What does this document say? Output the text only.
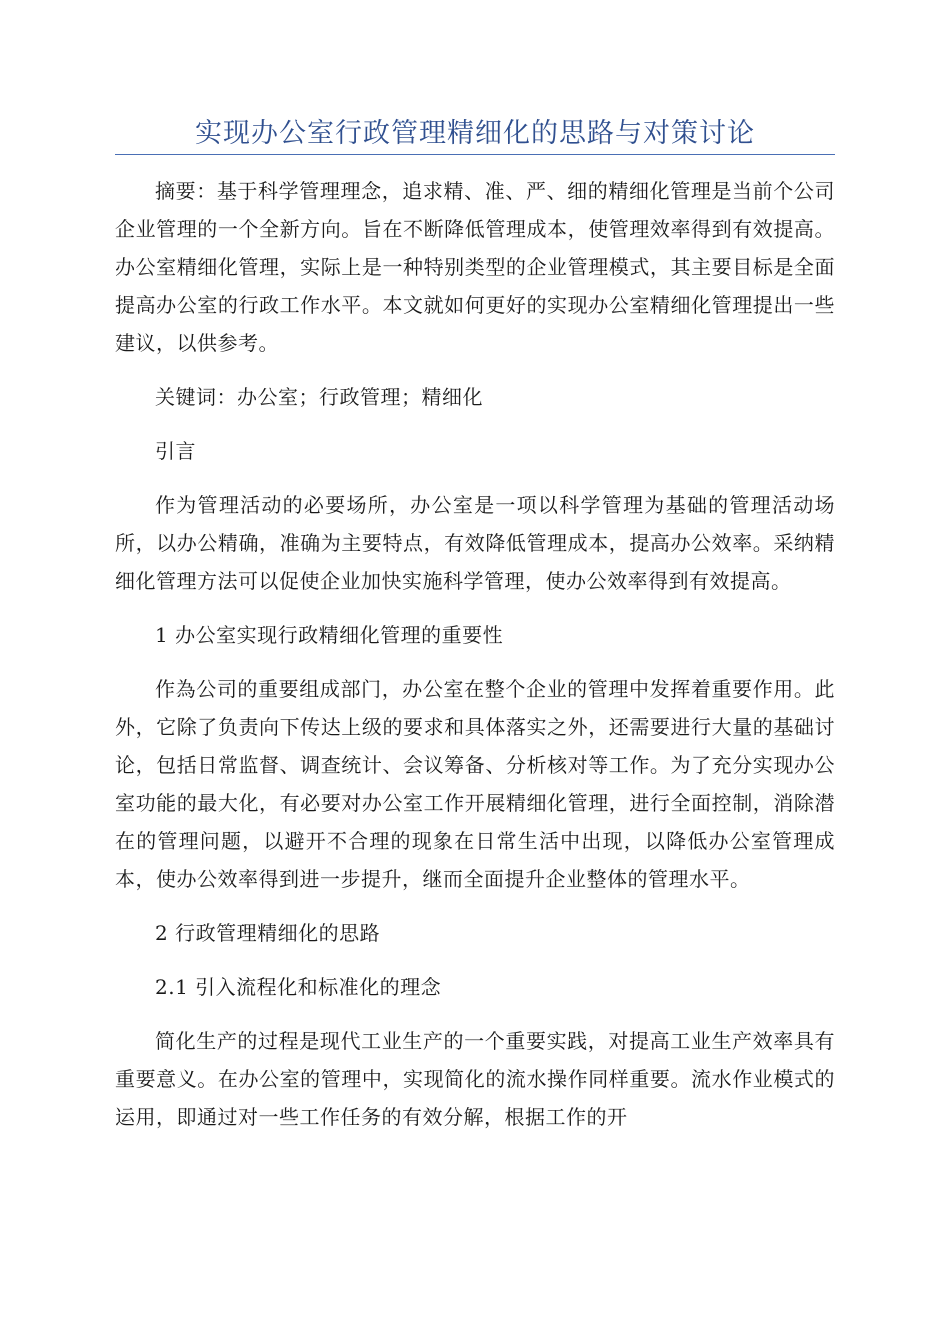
实现办公室行政管理精细化的思路与对策讨论

摘要：基于科学管理理念，追求精、准、严、细的精细化管理是当前个公司企业管理的一个全新方向。旨在不断降低管理成本，使管理效率得到有效提高。办公室精细化管理，实际上是一种特别类型的企业管理模式，其主要目标是全面提高办公室的行政工作水平。本文就如何更好的实现办公室精细化管理提出一些建议，以供参考。

关键词：办公室；行政管理；精细化

引言

作为管理活动的必要场所，办公室是一项以科学管理为基础的管理活动场所，以办公精确，准确为主要特点，有效降低管理成本，提高办公效率。采纳精细化管理方法可以促使企业加快实施科学管理，使办公效率得到有效提高。

1 办公室实现行政精细化管理的重要性

作為公司的重要组成部门，办公室在整个企业的管理中发挥着重要作用。此外，它除了负责向下传达上级的要求和具体落实之外，还需要进行大量的基础讨论，包括日常监督、调查统计、会议筹备、分析核对等工作。为了充分实现办公室功能的最大化，有必要对办公室工作开展精细化管理，进行全面控制，消除潜在的管理问题，以避开不合理的现象在日常生活中出现，以降低办公室管理成本，使办公效率得到进一步提升，继而全面提升企业整体的管理水平。

2 行政管理精细化的思路

2.1 引入流程化和标准化的理念

简化生产的过程是现代工业生产的一个重要实践，对提高工业生产效率具有重要意义。在办公室的管理中，实现简化的流水操作同样重要。流水作业模式的运用，即通过对一些工作任务的有效分解，根据工作的开
